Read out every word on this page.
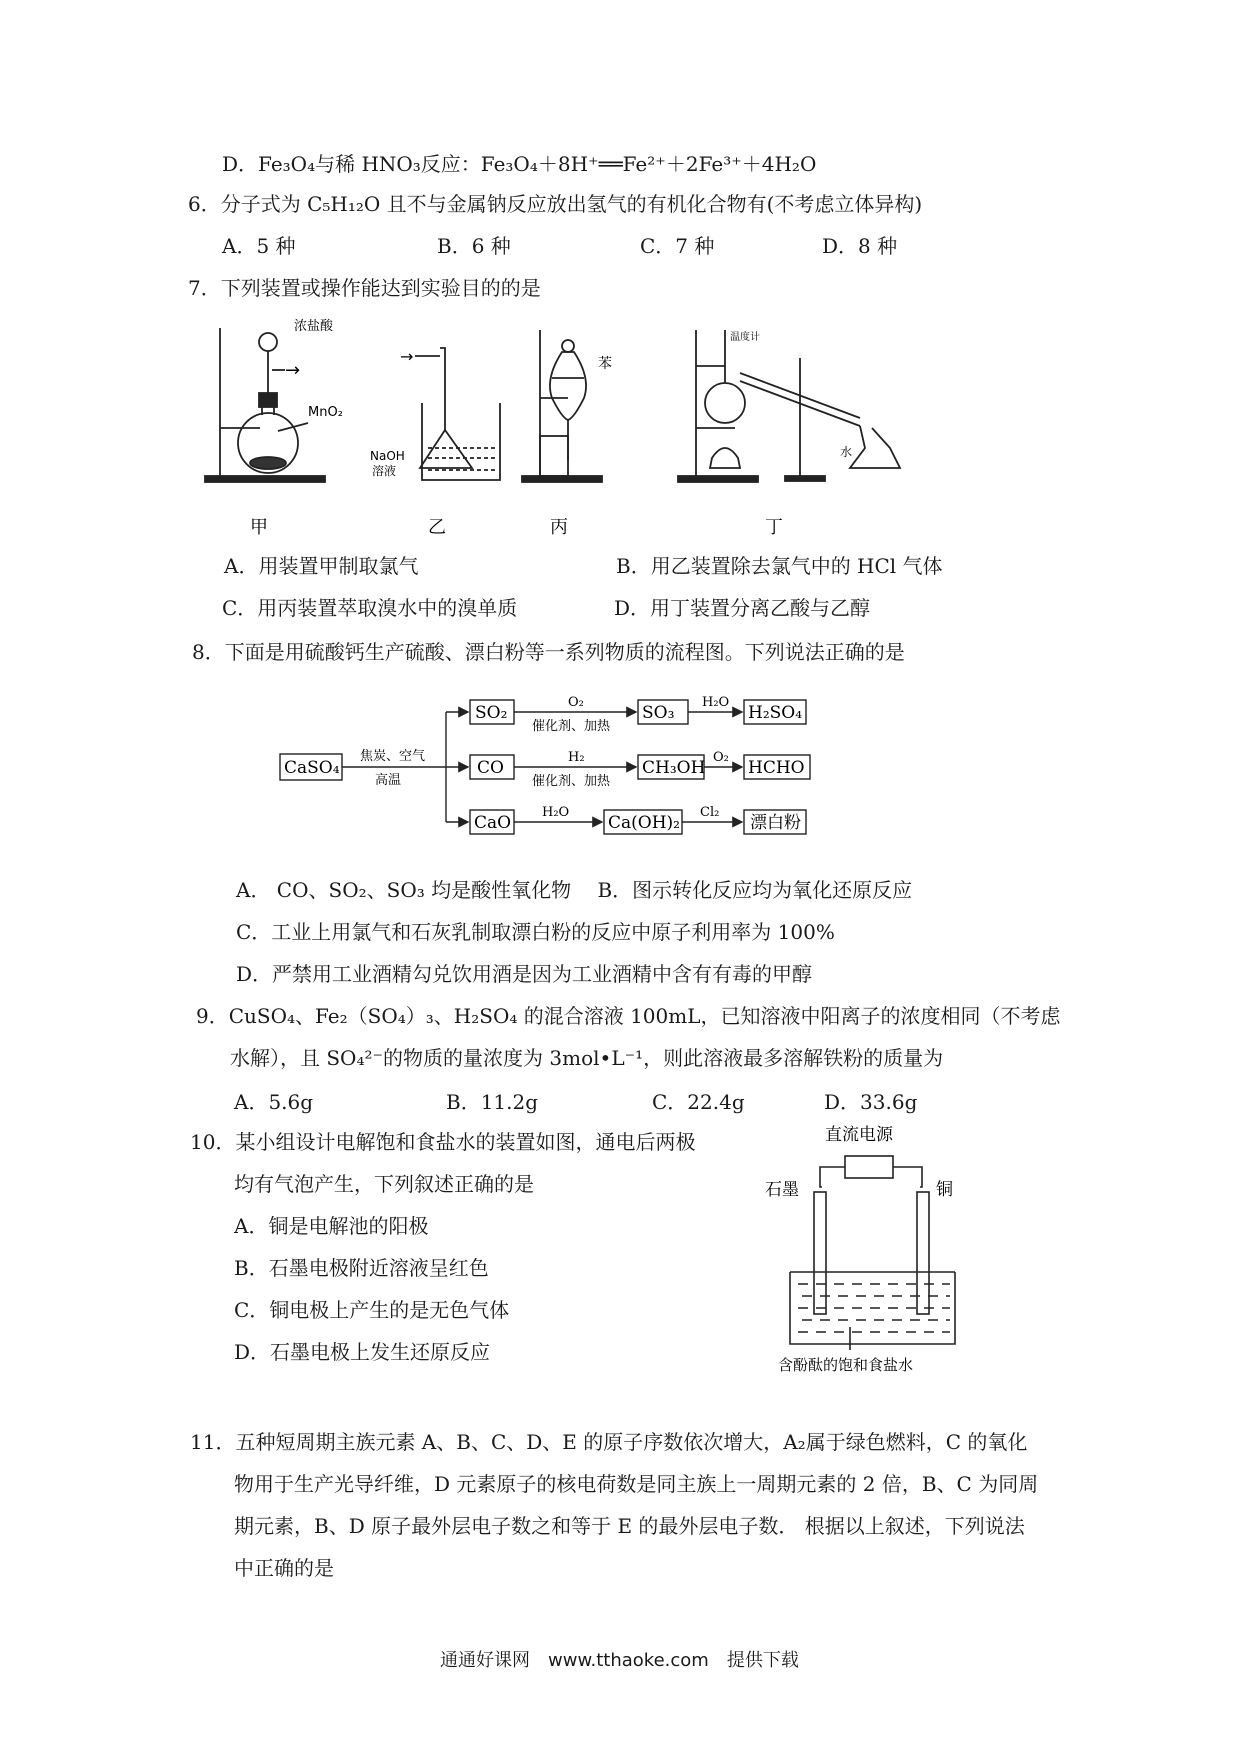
D．Fe₃O₄与稀 HNO₃反应：Fe₃O₄＋8H⁺══Fe²⁺＋2Fe³⁺＋4H₂O
6．分子式为 C₅H₁₂O 且不与金属钠反应放出氢气的有机化合物有(不考虑立体异构)
A．5 种	B．6 种	C．7 种	D．8 种
7．下列装置或操作能达到实验目的的是
浓盐酸
→
MnO₂
甲
→
NaOH
溶液
乙
苯
丙
温度计
水
丁
A．用装置甲制取氯气	B．用乙装置除去氯气中的 HCl 气体
C．用丙装置萃取溴水中的溴单质	D．用丁装置分离乙酸与乙醇
8．下面是用硫酸钙生产硫酸、漂白粉等一系列物质的流程图。下列说法正确的是
CaSO₄
SO₂	SO₃	H₂SO₄
CO	CH₃OH	HCHO
CaO	Ca(OH)₂	漂白粉
焦炭、空气
高温
O₂
催化剂、加热
H₂O
H₂
催化剂、加热
O₂
H₂O	Cl₂
A． CO、SO₂、SO₃ 均是酸性氧化物　 B．图示转化反应均为氧化还原反应
C．工业上用氯气和石灰乳制取漂白粉的反应中原子利用率为 100%
D．严禁用工业酒精勾兑饮用酒是因为工业酒精中含有有毒的甲醇
9．CuSO₄、Fe₂（SO₄）₃、H₂SO₄ 的混合溶液 100mL，已知溶液中阳离子的浓度相同（不考虑
水解），且 SO₄²⁻的物质的量浓度为 3mol•L⁻¹，则此溶液最多溶解铁粉的质量为
A．5.6g	B．11.2g	C．22.4g	D．33.6g
10．某小组设计电解饱和食盐水的装置如图，通电后两极
均有气泡产生，下列叙述正确的是
A．铜是电解池的阳极
B．石墨电极附近溶液呈红色
C．铜电极上产生的是无色气体
D．石墨电极上发生还原反应
直流电源
石墨	铜
含酚酞的饱和食盐水
11．五种短周期主族元素 A、B、C、D、E 的原子序数依次增大，A₂属于绿色燃料，C 的氧化
物用于生产光导纤维，D 元素原子的核电荷数是同主族上一周期元素的 2 倍，B、C 为同周
期元素，B、D 原子最外层电子数之和等于 E 的最外层电子数． 根据以上叙述，下列说法
中正确的是
通通好课网　www.tthaoke.com　提供下载
